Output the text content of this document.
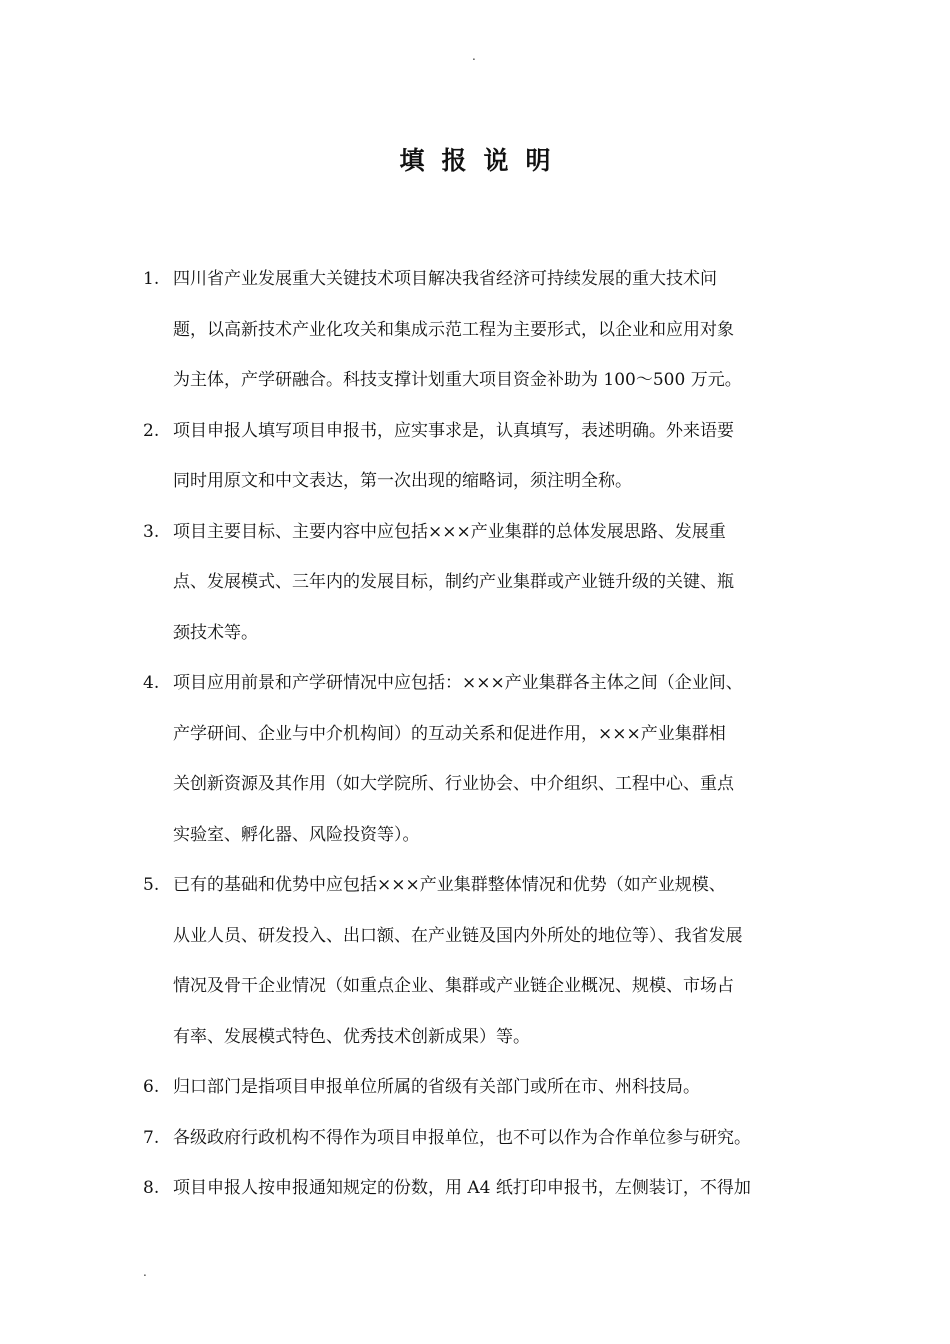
.
填报说明
1. 四川省产业发展重大关键技术项目解决我省经济可持续发展的重大技术问
题，以高新技术产业化攻关和集成示范工程为主要形式，以企业和应用对象
为主体，产学研融合。科技支撑计划重大项目资金补助为 100～500 万元。
2. 项目申报人填写项目申报书，应实事求是，认真填写，表述明确。外来语要
同时用原文和中文表达，第一次出现的缩略词，须注明全称。
3. 项目主要目标、主要内容中应包括×××产业集群的总体发展思路、发展重
点、发展模式、三年内的发展目标，制约产业集群或产业链升级的关键、瓶
颈技术等。
4. 项目应用前景和产学研情况中应包括：×××产业集群各主体之间（企业间、
产学研间、企业与中介机构间）的互动关系和促进作用，×××产业集群相
关创新资源及其作用（如大学院所、行业协会、中介组织、工程中心、重点
实验室、孵化器、风险投资等）。
5. 已有的基础和优势中应包括×××产业集群整体情况和优势（如产业规模、
从业人员、研发投入、出口额、在产业链及国内外所处的地位等）、我省发展
情况及骨干企业情况（如重点企业、集群或产业链企业概况、规模、市场占
有率、发展模式特色、优秀技术创新成果）等。
6. 归口部门是指项目申报单位所属的省级有关部门或所在市、州科技局。
7. 各级政府行政机构不得作为项目申报单位，也不可以作为合作单位参与研究。
8. 项目申报人按申报通知规定的份数，用 A4 纸打印申报书，左侧装订，不得加
.
